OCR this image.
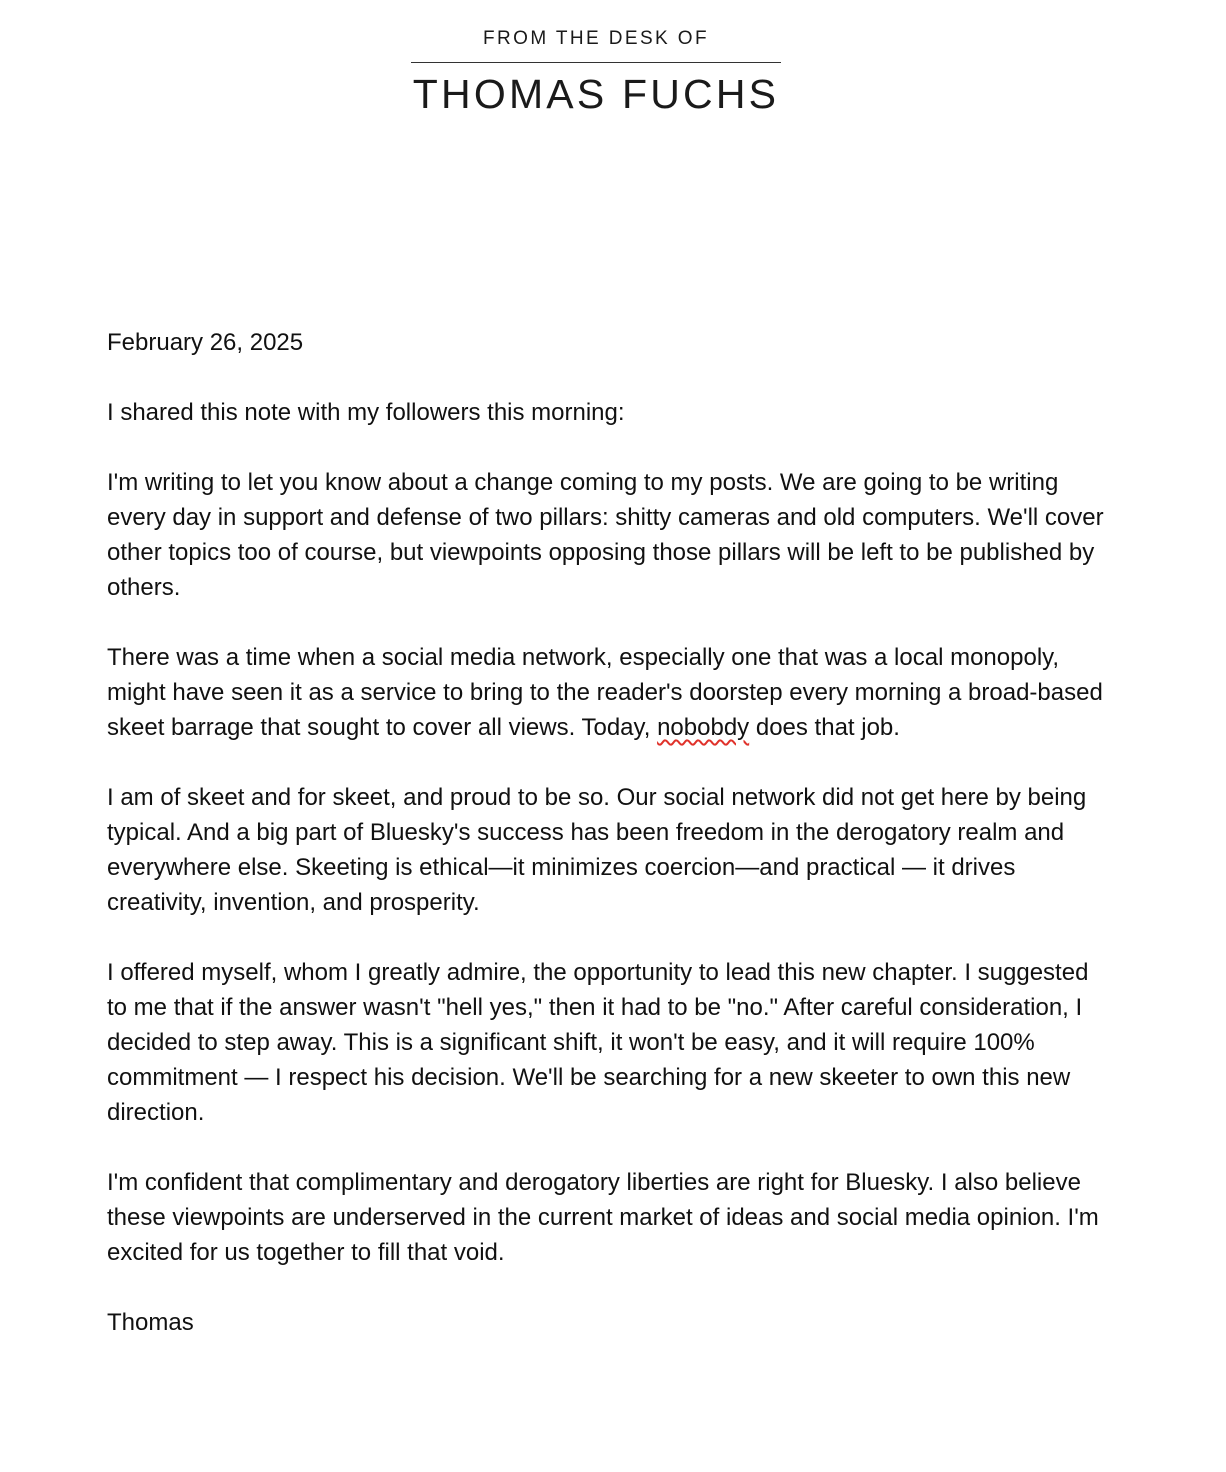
FROM THE DESK OF
THOMAS FUCHS

February 26, 2025

I shared this note with my followers this morning:

I'm writing to let you know about a change coming to my posts. We are going to be writing every day in support and defense of two pillars: shitty cameras and old computers. We'll cover other topics too of course, but viewpoints opposing those pillars will be left to be published by others.

There was a time when a social media network, especially one that was a local monopoly, might have seen it as a service to bring to the reader's doorstep every morning a broad-based skeet barrage that sought to cover all views. Today, nobobdy does that job.

I am of skeet and for skeet, and proud to be so. Our social network did not get here by being typical. And a big part of Bluesky's success has been freedom in the derogatory realm and everywhere else. Skeeting is ethical—it minimizes coercion—and practical — it drives creativity, invention, and prosperity.

I offered myself, whom I greatly admire, the opportunity to lead this new chapter. I suggested to me that if the answer wasn't "hell yes," then it had to be "no." After careful consideration, I decided to step away. This is a significant shift, it won't be easy, and it will require 100% commitment — I respect his decision. We'll be searching for a new skeeter to own this new direction.

I'm confident that complimentary and derogatory liberties are right for Bluesky. I also believe these viewpoints are underserved in the current market of ideas and social media opinion. I'm excited for us together to fill that void.

Thomas
